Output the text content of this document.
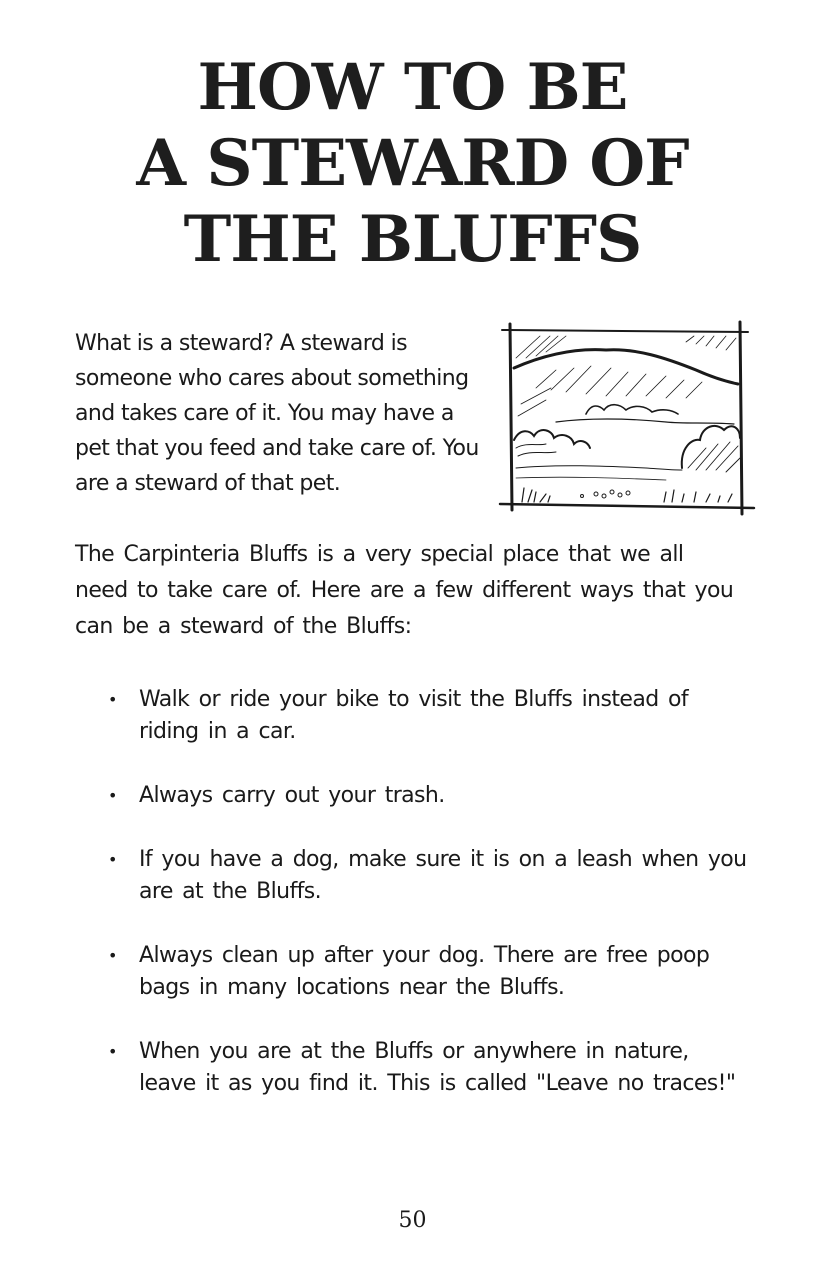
HOW TO BE
A STEWARD OF
THE BLUFFS

What is a steward? A steward is someone who cares about something and takes care of it. You may have a pet that you feed and take care of. You are a steward of that pet.

The Carpinteria Bluffs is a very special place that we all need to take care of. Here are a few different ways that you can be a steward of the Bluffs:

• Walk or ride your bike to visit the Bluffs instead of riding in a car.
• Always carry out your trash.
• If you have a dog, make sure it is on a leash when you are at the Bluffs.
• Always clean up after your dog. There are free poop bags in many locations near the Bluffs.
• When you are at the Bluffs or anywhere in nature, leave it as you find it. This is called "Leave no traces!"
50
